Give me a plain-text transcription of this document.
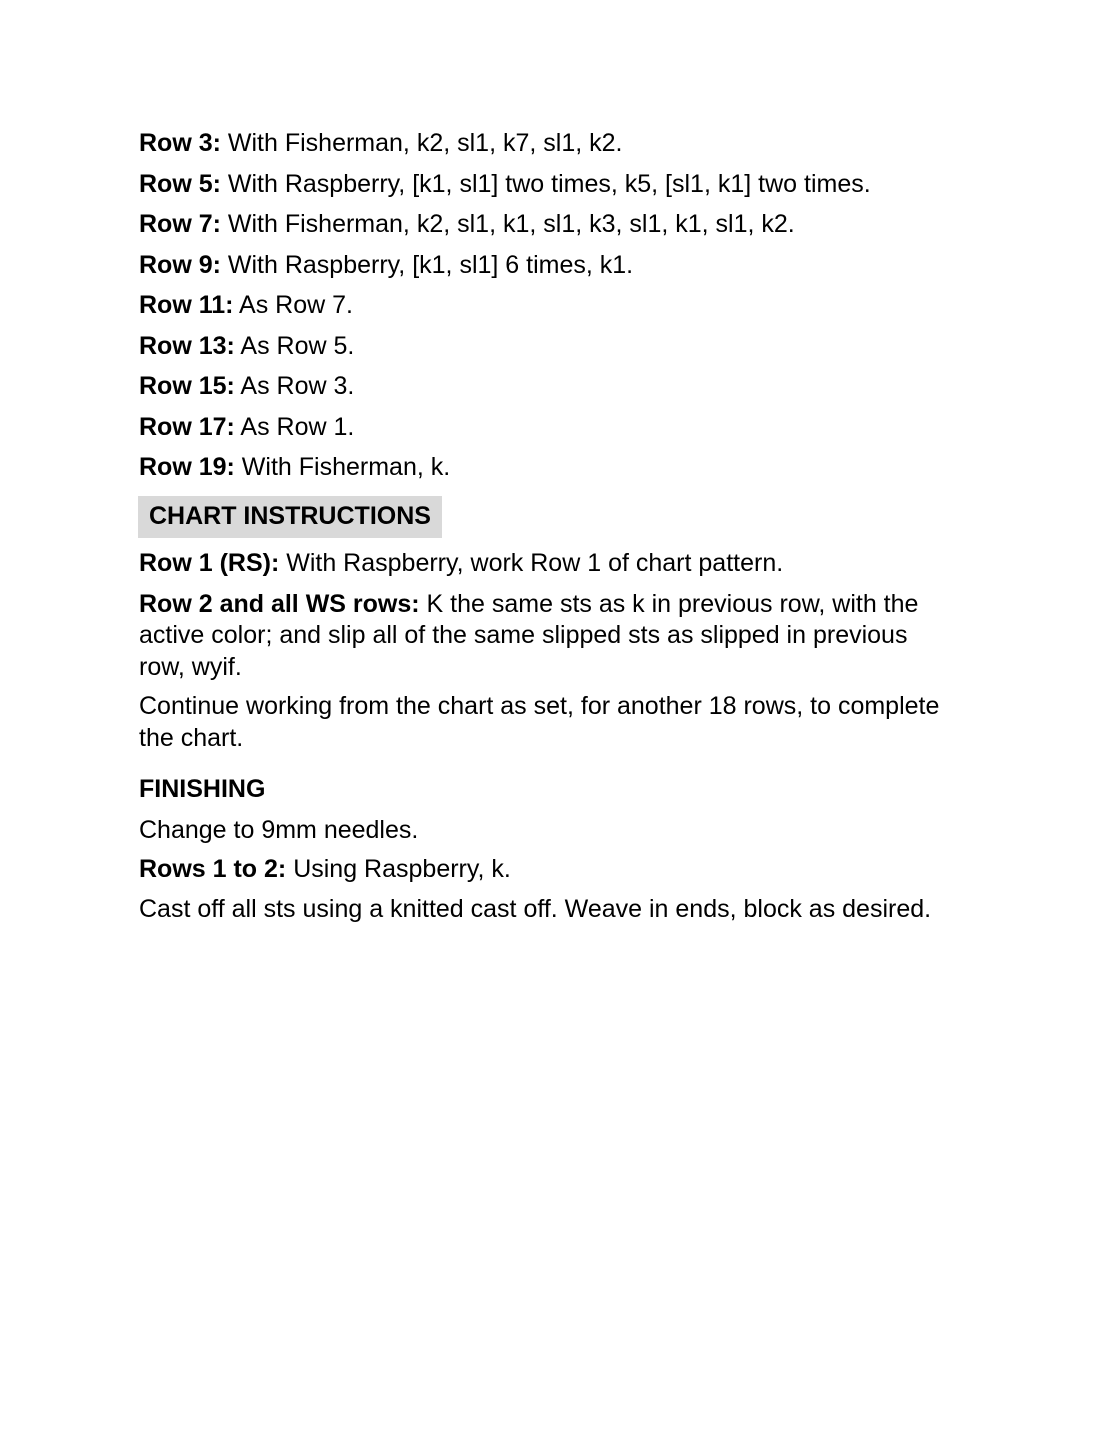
Row 3: With Fisherman, k2, sl1, k7, sl1, k2.

Row 5: With Raspberry, [k1, sl1] two times, k5, [sl1, k1] two times.

Row 7: With Fisherman, k2, sl1, k1, sl1, k3, sl1, k1, sl1, k2.

Row 9: With Raspberry, [k1, sl1] 6 times, k1.

Row 11: As Row 7.

Row 13: As Row 5.

Row 15: As Row 3.

Row 17: As Row 1.

Row 19: With Fisherman, k.

CHART INSTRUCTIONS

Row 1 (RS): With Raspberry, work Row 1 of chart pattern.

Row 2 and all WS rows: K the same sts as k in previous row, with the active color; and slip all of the same slipped sts as slipped in previous row, wyif.

Continue working from the chart as set, for another 18 rows, to complete the chart.

FINISHING

Change to 9mm needles.

Rows 1 to 2: Using Raspberry, k.

Cast off all sts using a knitted cast off. Weave in ends, block as desired.
